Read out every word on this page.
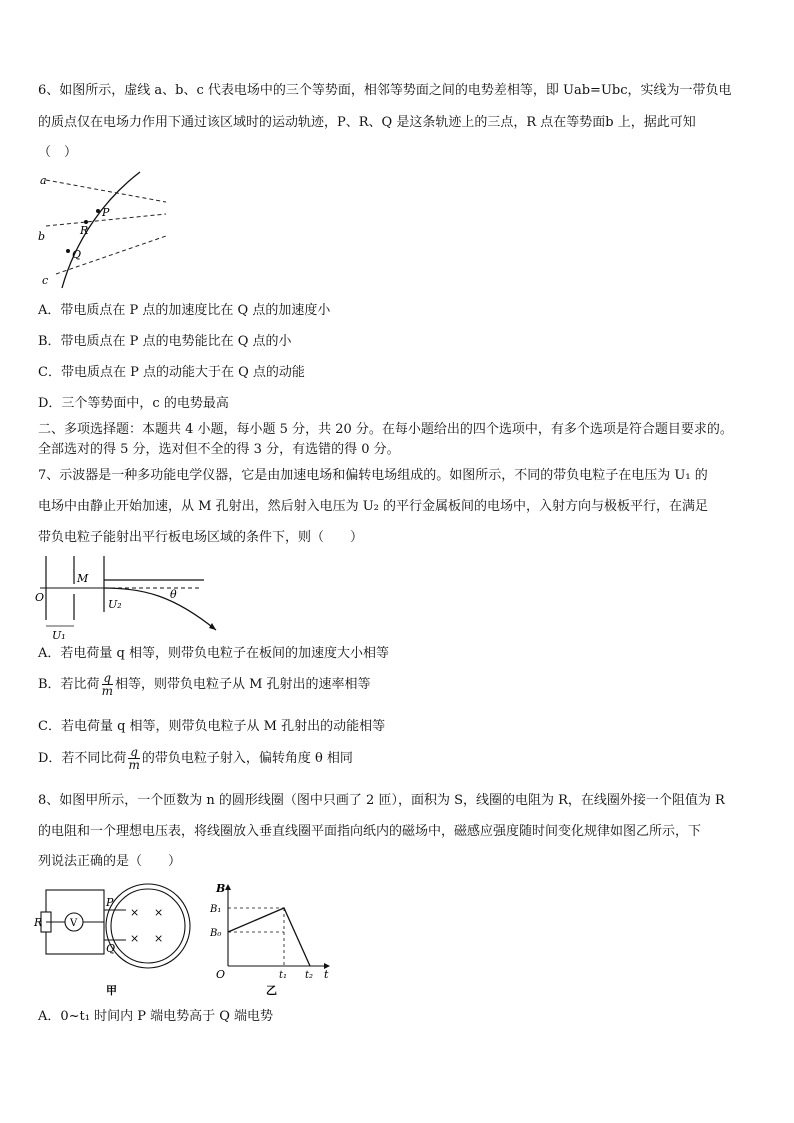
6、如图所示，虚线 a、b、c 代表电场中的三个等势面，相邻等势面之间的电势差相等，即 Uab=Ubc，实线为一带负电
的质点仅在电场力作用下通过该区域时的运动轨迹，P、R、Q 是这条轨迹上的三点，R 点在等势面b 上，据此可知
（　）
a
b
c
P
R
Q
A．带电质点在 P 点的加速度比在 Q 点的加速度小
B．带电质点在 P 点的电势能比在 Q 点的小
C．带电质点在 P 点的动能大于在 Q 点的动能
D．三个等势面中，c 的电势最高
二、多项选择题：本题共 4 小题，每小题 5 分，共 20 分。在每小题给出的四个选项中，有多个选项是符合题目要求的。
全部选对的得 5 分，选对但不全的得 3 分，有选错的得 0 分。
7、示波器是一种多功能电学仪器，它是由加速电场和偏转电场组成的。如图所示，不同的带负电粒子在电压为 U₁ 的
电场中由静止开始加速，从 M 孔射出，然后射入电压为 U₂ 的平行金属板间的电场中，入射方向与极板平行，在满足
带负电粒子能射出平行板电场区域的条件下，则（　　）
M
O
U₁
U₂
θ
A．若电荷量 q 相等，则带负电粒子在板间的加速度大小相等
B．若比荷 $\frac{q}{m}$ 相等，则带负电粒子从 M 孔射出的速率相等
C．若电荷量 q 相等，则带负电粒子从 M 孔射出的动能相等
D．若不同比荷 $\frac{q}{m}$ 的带负电粒子射入，偏转角度 θ 相同
8、如图甲所示，一个匝数为 n 的圆形线圈（图中只画了 2 匝），面积为 S，线圈的电阻为 R，在线圈外接一个阻值为 R
的电阻和一个理想电压表，将线圈放入垂直线圈平面指向纸内的磁场中，磁感应强度随时间变化规律如图乙所示，下
列说法正确的是（　　）
R	V
P
Q
× ×
× ×
甲
B
B₁
B₀
O	t₁ t₂ t
乙
A．0~t₁ 时间内 P 端电势高于 Q 端电势
